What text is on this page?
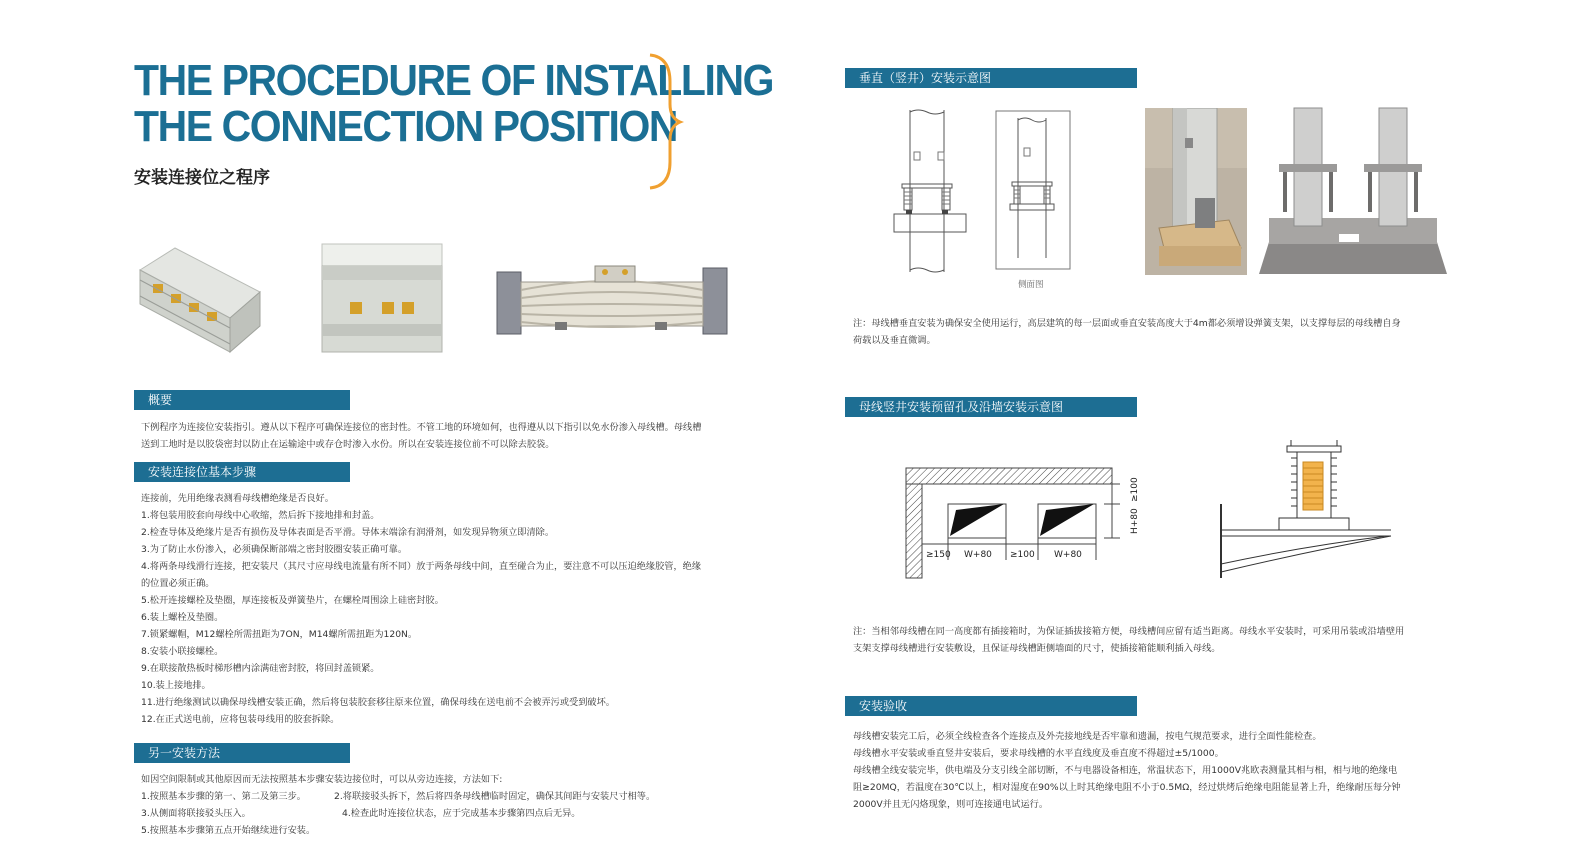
THE PROCEDURE OF INSTALLING
THE CONNECTION POSITION
安装连接位之程序
概要
下例程序为连接位安装指引。遵从以下程序可确保连接位的密封性。不管工地的环境如何，也得遵从以下指引以免水份渗入母线槽。母线槽
送到工地时是以胶袋密封以防止在运输途中或存仓时渗入水份。所以在安装连接位前不可以除去胶袋。
安装连接位基本步骤
连接前，先用绝缘表测看母线槽绝缘是否良好。
1.将包装用胶套向母线中心收缩，然后拆下接地排和封盖。
2.检查导体及绝缘片是否有损伤及导体表面是否平滑。导体末端涂有润滑剂，如发现异物须立即清除。
3.为了防止水份渗入，必须确保断部端之密封胶圈安装正确可靠。
4.将两条母线滑行连接，把安装尺（其尺寸应母线电流量有所不同）放于两条母线中间，直至碰合为止，要注意不可以压迫绝缘胶管，绝缘
的位置必须正确。
5.松开连接螺栓及垫圈，厚连接板及弹簧垫片，在螺栓周围涂上硅密封胶。
6.装上螺栓及垫圈。
7.锁紧螺帽，M12螺栓所需扭距为7ON，M14螺所需扭距为120N。
8.安装小联接螺栓。
9.在联接散热板时梯形槽内涂满硅密封胶，将回封盖锁紧。
10.装上接地排。
11.进行绝缘测试以确保母线槽安装正确，然后将包装胶套移往原来位置，确保母线在送电前不会被弄污或受到破坏。
12.在正式送电前，应将包装母线用的胶套拆除。
另一安装方法
如因空间限制或其他原因而无法按照基本步骤安装边接位时，可以从旁边连接，方法如下:
1.按照基本步骤的第一、第二及第三步。	2.将联接驳头拆下，然后将四条母线槽临时固定，确保其间距与安装尺寸相等。
3.从侧面将联接驳头压入。	4.检查此时连接位状态，应于完成基本步骤第四点后无异。
5.按照基本步骤第五点开始继续进行安装。
垂直（竖井）安装示意图
侧面图
注：母线槽垂直安装为确保安全使用运行，高层建筑的每一层面或垂直安装高度大于4m都必须增设弹簧支架，以支撑每层的母线槽自身
荷载以及垂直微调。
母线竖井安装预留孔及沿墙安装示意图
≥150 W+80 ≥100 W+80
H+80
≥100
注：当相邻母线槽在同一高度都有插接箱时，为保证插拔接箱方便，母线槽间应留有适当距离。母线水平安装时，可采用吊装或沿墙壁用
支架支撑母线槽进行安装敷设，且保证母线槽距侧墙面的尺寸，使插接箱能顺利插入母线。
安装验收
母线槽安装完工后，必须全线检查各个连接点及外壳接地线是否牢靠和遗漏，按电气规范要求，进行全面性能检查。
母线槽水平安装或垂直竖井安装后，要求母线槽的水平直线度及垂直度不得超过±5/1000。
母线槽全线安装完毕，供电端及分支引线全部切断，不与电器设备相连，常温状态下，用1000V兆欧表测量其相与相，相与地的绝缘电
阻≥20MQ，若温度在30℃以上，相对湿度在90%以上时其绝缘电阻不小于0.5MΩ，经过烘烤后绝缘电阻能显著上升，绝缘耐压每分钟
2000V并且无闪烙现象，则可连接通电试运行。
